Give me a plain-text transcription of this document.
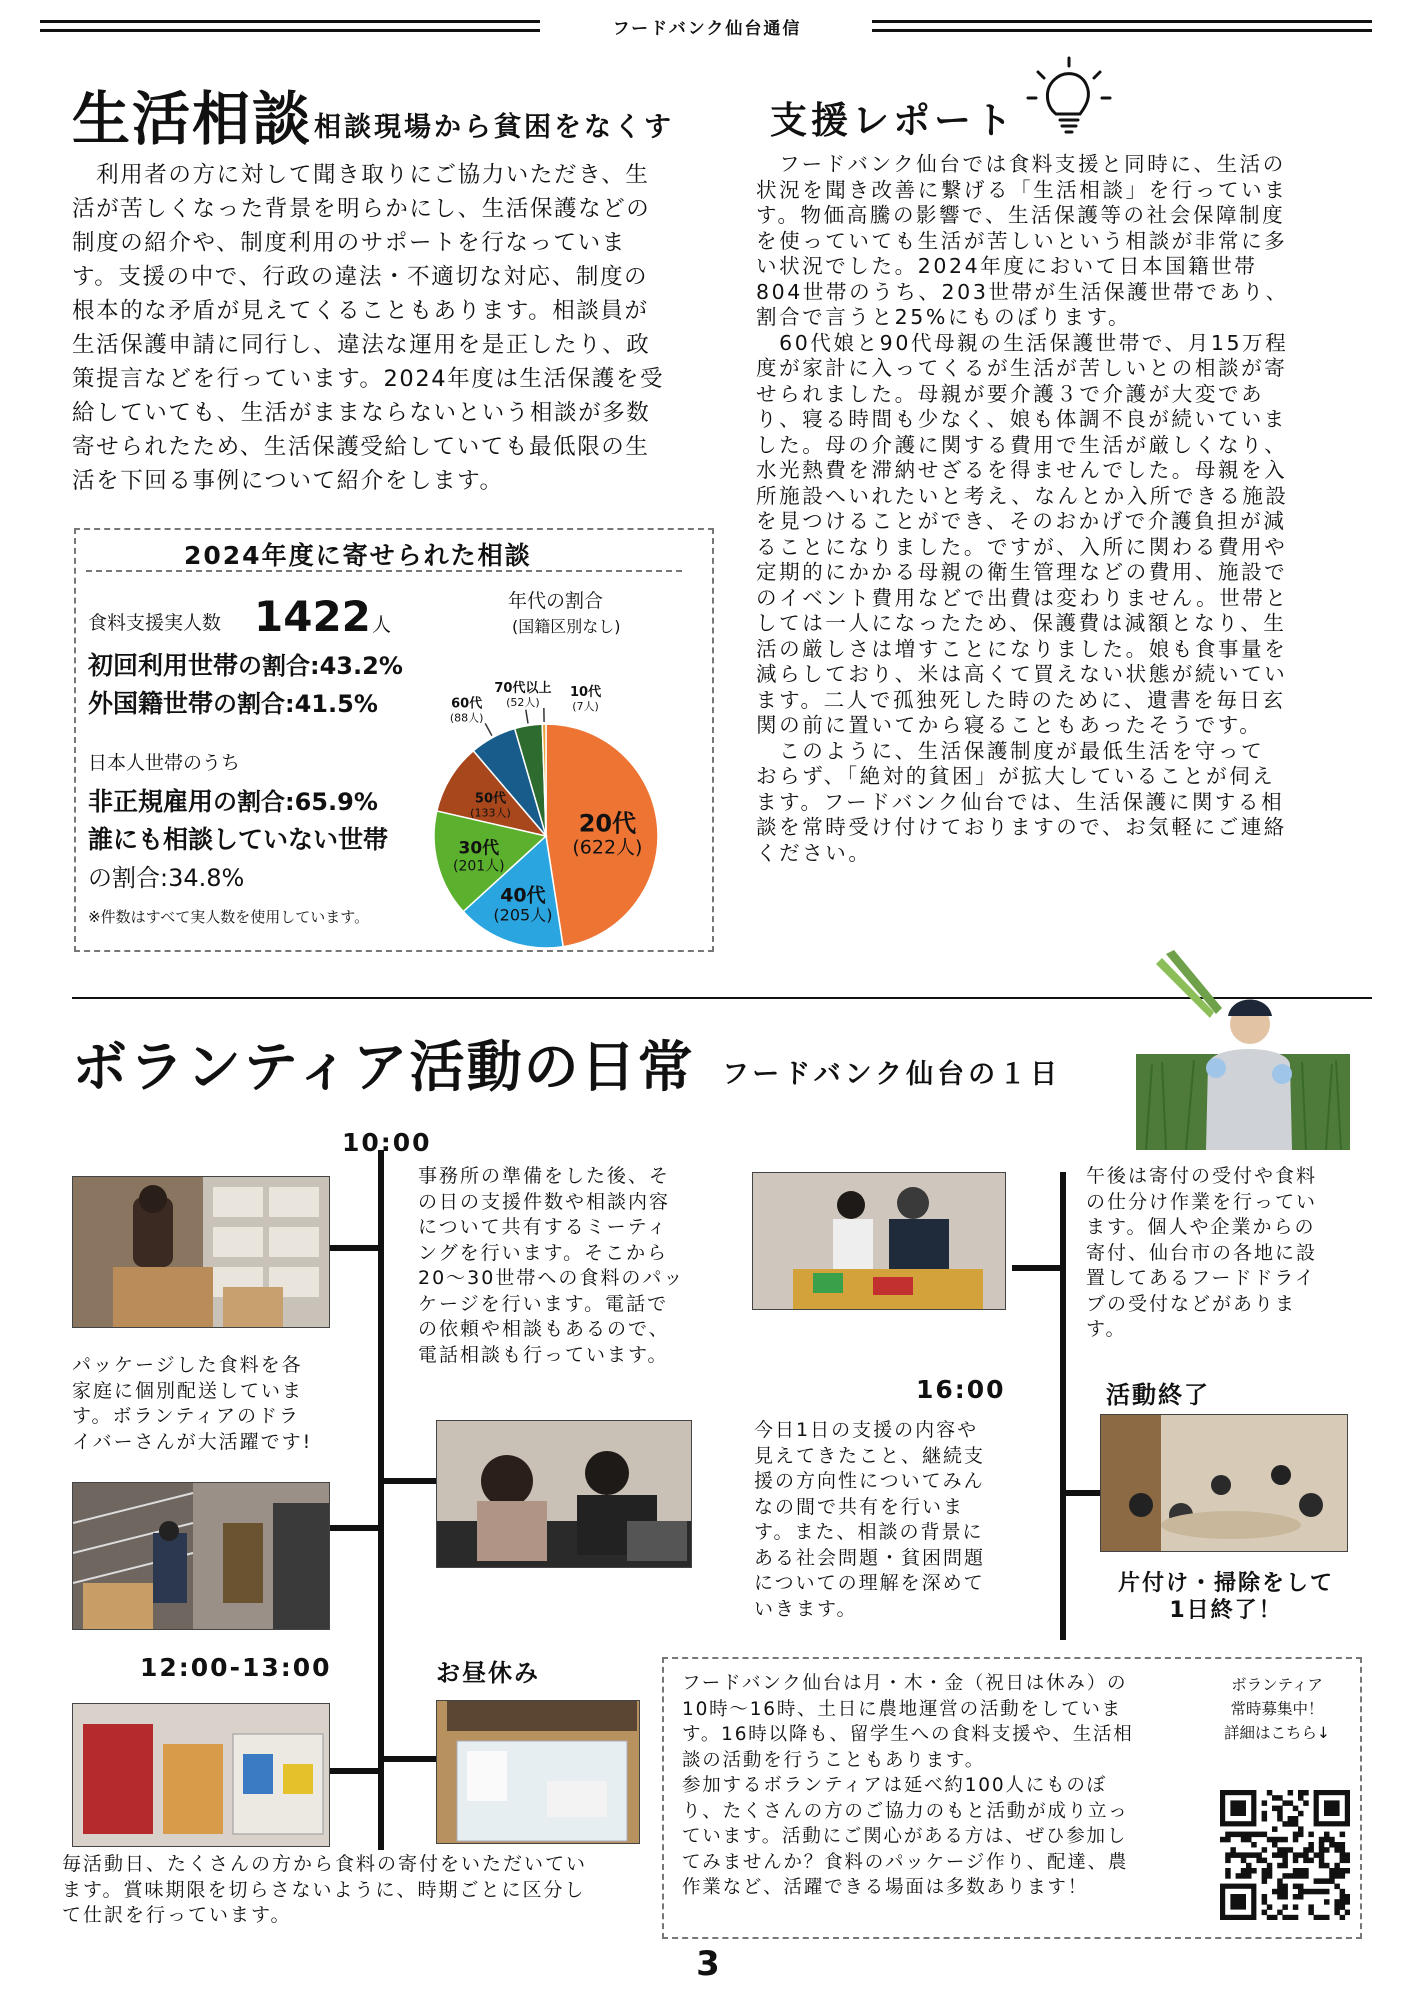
フードバンク仙台通信
生活相談 相談現場から貧困をなくす
　利用者の方に対して聞き取りにご協力いただき、生
活が苦しくなった背景を明らかにし、生活保護などの
制度の紹介や、制度利用のサポートを行なっていま
す。支援の中で、行政の違法・不適切な対応、制度の
根本的な矛盾が見えてくることもあります。相談員が
生活保護申請に同行し、違法な運用を是正したり、政
策提言などを行っています。2024年度は生活保護を受
給していても、生活がままならないという相談が多数
寄せられたため、生活保護受給していても最低限の生
活を下回る事例について紹介をします。
2024年度に寄せられた相談
食料支援実人数 1422 人
初回利用世帯の割合:43.2%
外国籍世帯の割合:41.5%
日本人世帯のうち
非正規雇用の割合:65.9%
誰にも相談していない世帯
の割合:34.8%
※件数はすべて実人数を使用しています。
年代の割合
(国籍区別なし)
20代
(622人)
40代
(205人)
30代
(201人)
50代
(133人)
60代
(88人)
70代以上
(52人)
10代
(7人)
支援レポート
　フードバンク仙台では食料支援と同時に、生活の
状況を聞き改善に繋げる「生活相談」を行っていま
す。物価高騰の影響で、生活保護等の社会保障制度
を使っていても生活が苦しいという相談が非常に多
い状況でした。2024年度において日本国籍世帯
804世帯のうち、203世帯が生活保護世帯であり、
割合で言うと25%にものぼります。
　60代娘と90代母親の生活保護世帯で、月15万程
度が家計に入ってくるが生活が苦しいとの相談が寄
せられました。母親が要介護３で介護が大変であ
り、寝る時間も少なく、娘も体調不良が続いていま
した。母の介護に関する費用で生活が厳しくなり、
水光熱費を滞納せざるを得ませんでした。母親を入
所施設へいれたいと考え、なんとか入所できる施設
を見つけることができ、そのおかげで介護負担が減
ることになりました。ですが、入所に関わる費用や
定期的にかかる母親の衛生管理などの費用、施設で
のイベント費用などで出費は変わりません。世帯と
しては一人になったため、保護費は減額となり、生
活の厳しさは増すことになりました。娘も食事量を
減らしており、米は高くて買えない状態が続いてい
ます。二人で孤独死した時のために、遺書を毎日玄
関の前に置いてから寝ることもあったそうです。
　このように、生活保護制度が最低生活を守って
おらず、「絶対的貧困」が拡大していることが伺え
ます。フードバンク仙台では、生活保護に関する相
談を常時受け付けておりますので、お気軽にご連絡
ください。
ボランティア活動の日常 フードバンク仙台の１日
10:00
12:00-13:00
16:00
お昼休み
活動終了
事務所の準備をした後、そ
の日の支援件数や相談内容
について共有するミーティ
ングを行います。そこから
20〜30世帯への食料のパッ
ケージを行います。電話で
の依頼や相談もあるので、
電話相談も行っています。
パッケージした食料を各
家庭に個別配送していま
す。ボランティアのドラ
イバーさんが大活躍です!
午後は寄付の受付や食料
の仕分け作業を行ってい
ます。個人や企業からの
寄付、仙台市の各地に設
置してあるフードドライ
ブの受付などがありま
す。
今日1日の支援の内容や
見えてきたこと、継続支
援の方向性についてみん
なの間で共有を行いま
す。また、相談の背景に
ある社会問題・貧困問題
についての理解を深めて
いきます。
片付け・掃除をして
1日終了！
毎活動日、たくさんの方から食料の寄付をいただいてい
ます。賞味期限を切らさないように、時期ごとに区分し
て仕訳を行っています。
フードバンク仙台は月・木・金（祝日は休み）の
10時〜16時、土日に農地運営の活動をしていま
す。16時以降も、留学生への食料支援や、生活相
談の活動を行うこともあります。
参加するボランティアは延べ約100人にものぼ
り、たくさんの方のご協力のもと活動が成り立っ
ています。活動にご関心がある方は、ぜひ参加し
てみませんか？食料のパッケージ作り、配達、農
作業など、活躍できる場面は多数あります！
ボランティア
常時募集中！
詳細はこちら↓
3
